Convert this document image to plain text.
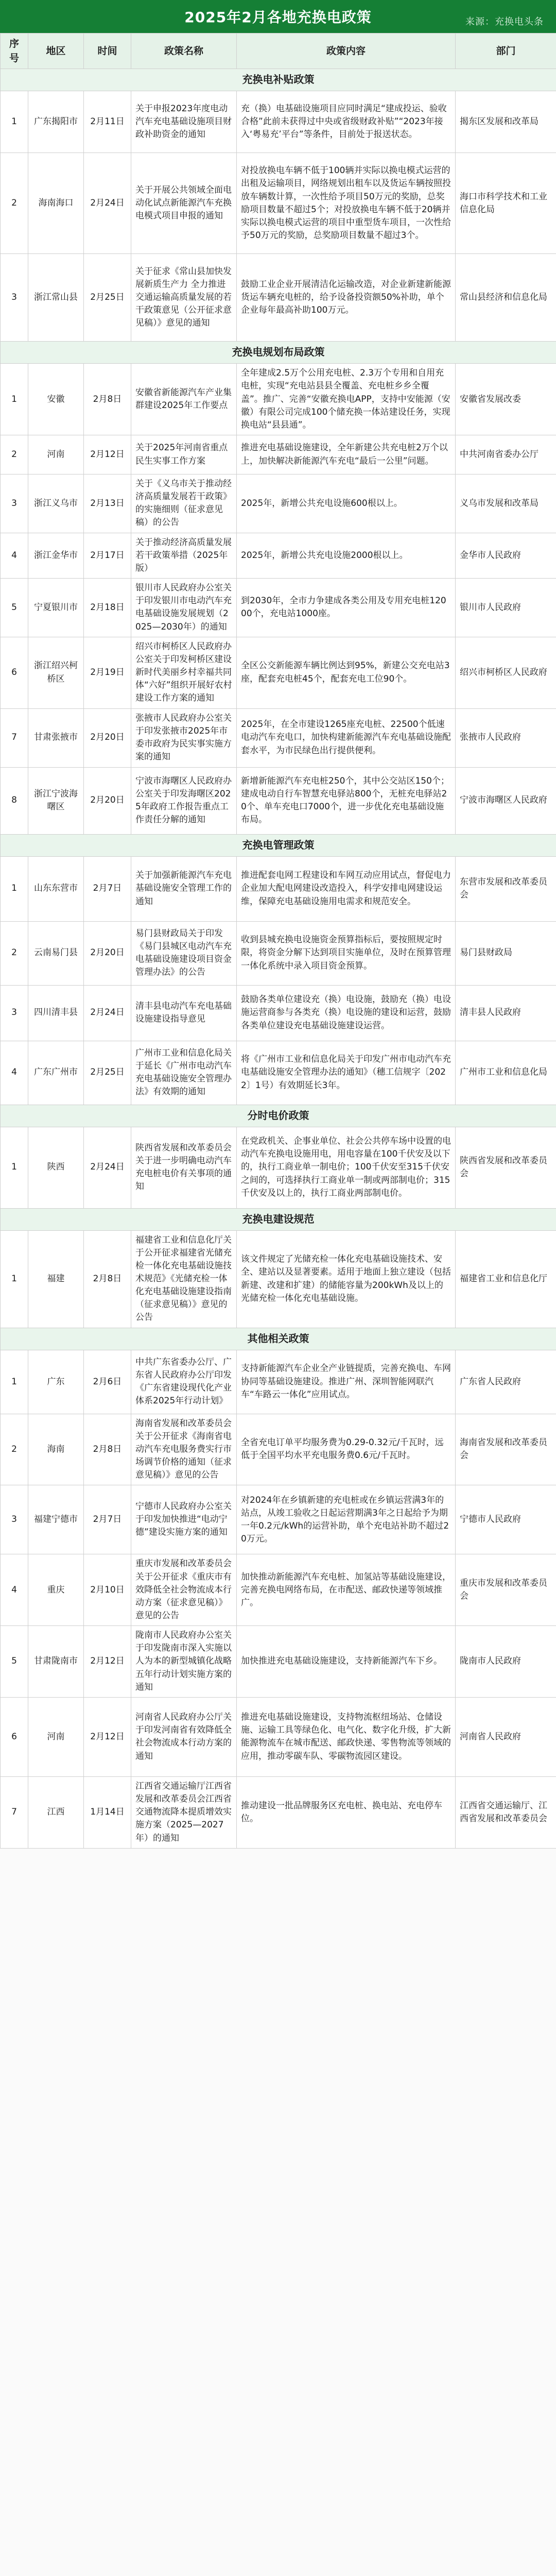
2025年2月各地充换电政策	来源：充换电头条
序号	地区	时间	政策名称	政策内容	部门
充换电补贴政策					
1	广东揭阳市	2月11日	关于申报2023年度电动汽车充电基础设施项目财政补助资金的通知	充（换）电基础设施项目应同时满足“建成投运、验收合格”此前未获得过中央或省级财政补贴”“2023年接入‘粤易充’平台”等条件，目前处于报送状态。	揭东区发展和改革局
2	海南海口	2月24日	关于开展公共领域全面电动化试点新能源汽车充换电模式项目申报的通知	对投放换电车辆不低于100辆并实际以换电模式运营的出租及运输项目，网络规划出租车以及货运车辆按照投放车辆数计算，一次性给予项目50万元的奖励，总奖励项目数量不超过5个；对投放换电车辆不低于20辆并实际以换电模式运营的项目中重型货车项目，一次性给予50万元的奖励，总奖励项目数量不超过3个。	海口市科学技术和工业信息化局
3	浙江常山县	2月25日	关于征求《常山县加快发展新质生产力 全力推进交通运输高质量发展的若干政策意见（公开征求意见稿）》意见的通知	鼓励工业企业开展清洁化运输改造，对企业新建新能源货运车辆充电桩的，给予设备投资额50%补助，单个企业每年最高补助100万元。	常山县经济和信息化局
充换电规划布局政策					
1	安徽	2月8日	安徽省新能源汽车产业集群建设2025年工作要点	全年建成2.5万个公用充电桩、2.3万个专用和自用充电桩，实现“充电站县县全覆盖、充电桩乡乡全覆盖”。推广、完善“安徽充换电APP，支持中安能源（安徽）有限公司完成100个储充换一体站建设任务，实现换电站“县县通”。	安徽省发展改委
2	河南	2月12日	关于2025年河南省重点民生实事工作方案	推进充电基础设施建设，全年新建公共充电桩2万个以上，加快解决新能源汽车充电“最后一公里”问题。	中共河南省委办公厅
3	浙江义乌市	2月13日	关于《义乌市关于推动经济高质量发展若干政策》的实施细则（征求意见稿）的公告	2025年，新增公共充电设施600根以上。	义乌市发展和改革局
4	浙江金华市	2月17日	关于推动经济高质量发展若干政策举措（2025年版）	2025年，新增公共充电设施2000根以上。	金华市人民政府
5	宁夏银川市	2月18日	银川市人民政府办公室关于印发银川市电动汽车充电基础设施发展规划（2025—2030年）的通知	到2030年，全市力争建成各类公用及专用充电桩12000个，充电站1000座。	银川市人民政府
6	浙江绍兴柯桥区	2月19日	绍兴市柯桥区人民政府办公室关于印发柯桥区建设新时代美丽乡村幸福共同体“六好”组织开展好农村建设工作方案的通知	全区公交新能源车辆比例达到95%，新建公交充电站3座，配套充电桩45个，配套充电工位90个。	绍兴市柯桥区人民政府
7	甘肃张掖市	2月20日	张掖市人民政府办公室关于印发张掖市2025年市委市政府为民实事实施方案的通知	2025年，在全市建设1265座充电桩、22500个低速电动汽车充电口，加快构建新能源汽车充电基础设施配套水平，为市民绿色出行提供便利。	张掖市人民政府
8	浙江宁波海曙区	2月20日	宁波市海曙区人民政府办公室关于印发海曙区2025年政府工作报告重点工作责任分解的通知	新增新能源汽车充电桩250个，其中公交站区150个；建成电动自行车智慧充电驿站800个，无桩充电驿站20个、单车充电口7000个，进一步优化充电基础设施布局。	宁波市海曙区人民政府
充换电管理政策					
1	山东东营市	2月7日	关于加强新能源汽车充电基础设施安全管理工作的通知	推进配套电网工程建设和车网互动应用试点，督促电力企业加大配电网建设改造投入，科学安排电网建设运维，保障充电基础设施用电需求和规范安全。	东营市发展和改革委员会
2	云南易门县	2月20日	易门县财政局关于印发《易门县城区电动汽车充电基础设施建设项目资金管理办法》的公告	收到县城充换电设施资金预算指标后，要按照规定时限，将资金分解下达到项目实施单位，及时在预算管理一体化系统中录入项目资金预算。	易门县财政局
3	四川清丰县	2月24日	清丰县电动汽车充电基础设施建设指导意见	鼓励各类单位建设充（换）电设施，鼓励充（换）电设施运营商参与各类充（换）电设施的建设和运营，鼓励各类单位建设充电基础设施建设运营。	清丰县人民政府
4	广东广州市	2月25日	广州市工业和信息化局关于延长《广州市电动汽车充电基础设施安全管理办法》有效期的通知	将《广州市工业和信息化局关于印发广州市电动汽车充电基础设施安全管理办法的通知》（穗工信规字〔2022〕1号）有效期延长3年。	广州市工业和信息化局
分时电价政策					
1	陕西	2月24日	陕西省发展和改革委员会关于进一步明确电动汽车充电桩电价有关事项的通知	在党政机关、企事业单位、社会公共停车场中设置的电动汽车充换电设施用电，用电容量在100千伏安及以下的，执行工商业单一制电价；100千伏安至315千伏安之间的，可选择执行工商业单一制或两部制电价；315千伏安及以上的，执行工商业两部制电价。	陕西省发展和改革委员会
充换电建设规范					
1	福建	2月8日	福建省工业和信息化厅关于公开征求福建省光储充检一体化充电基础设施技术规范》《光储充检一体化充电基础设施建设指南（征求意见稿）》意见的公告	该文件规定了光储充检一体化充电基础设施技术、安全、建站以及显著要素。适用于地面上独立建设（包括新建、改建和扩建）的储能容量为200kWh及以上的光储充检一体化充电基础设施。	福建省工业和信息化厅
其他相关政策					
1	广东	2月6日	中共广东省委办公厅、广东省人民政府办公厅印发《广东省建设现代化产业体系2025年行动计划》	支持新能源汽车企业全产业链提质，完善充换电、车网协同等基础设施建设。推进广州、深圳智能网联汽车“车路云一体化”应用试点。	广东省人民政府
2	海南	2月8日	海南省发展和改革委员会关于公开征求《海南省电动汽车充电服务费实行市场调节价格的通知（征求意见稿）》意见的公告	全省充电订单平均服务费为0.29-0.32元/千瓦时，远低于全国平均水平充电服务费0.6元/千瓦时。	海南省发展和改革委员会
3	福建宁德市	2月7日	宁德市人民政府办公室关于印发加快推进“电动宁德”建设实施方案的通知	对2024年在乡镇新建的充电桩或在乡镇运营满3年的站点，从竣工验收之日起运营期满3年之日起给予为期一年0.2元/kWh的运营补助，单个充电站补助不超过20万元。	宁德市人民政府
4	重庆	2月10日	重庆市发展和改革委员会关于公开征求《重庆市有效降低全社会物流成本行动方案（征求意见稿）》意见的公告	加快推动新能源汽车充电桩、加氢站等基础设施建设，完善充换电网络布局，在市配送、邮政快递等领域推广。	重庆市发展和改革委员会
5	甘肃陇南市	2月12日	陇南市人民政府办公室关于印发陇南市深入实施以人为本的新型城镇化战略五年行动计划实施方案的通知	加快推进充电基础设施建设，支持新能源汽车下乡。	陇南市人民政府
6	河南	2月12日	河南省人民政府办公厅关于印发河南省有效降低全社会物流成本行动方案的通知	推进充电基础设施建设，支持物流枢纽场站、仓储设施、运输工具等绿色化、电气化、数字化升级，扩大新能源物流车在城市配送、邮政快递、零售物流等领域的应用，推动零碳车队、零碳物流园区建设。	河南省人民政府
7	江西	1月14日	江西省交通运输厅江西省发展和改革委员会江西省交通物流降本提质增效实施方案（2025—2027年）的通知	推动建设一批品牌服务区充电桩、换电站、充电停车位。	江西省交通运输厅、江西省发展和改革委员会
